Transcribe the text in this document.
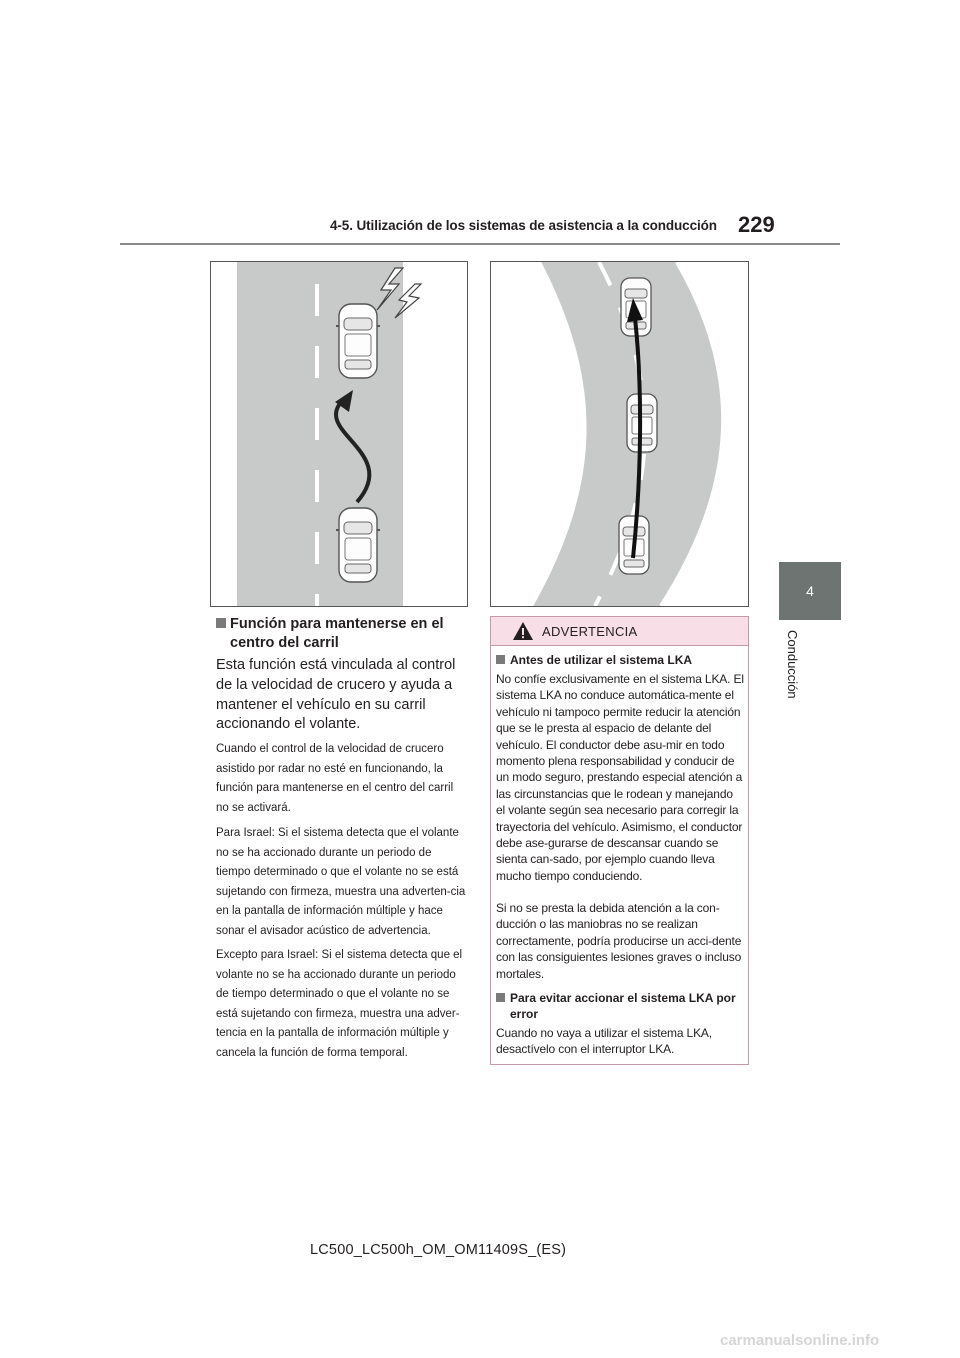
4-5. Utilización de los sistemas de asistencia a la conducción 229
4
Conducción
Función para mantenerse en el centro del carril
Esta función está vinculada al control de la velocidad de crucero y ayuda a mantener el vehículo en su carril accionando el volante.
Cuando el control de la velocidad de crucero asistido por radar no esté en funcionando, la función para mantenerse en el centro del carril no se activará.
Para Israel: Si el sistema detecta que el volante no se ha accionado durante un periodo de tiempo determinado o que el volante no se está sujetando con firmeza, muestra una adverten-cia en la pantalla de información múltiple y hace sonar el avisador acústico de advertencia.
Excepto para Israel: Si el sistema detecta que el volante no se ha accionado durante un periodo de tiempo determinado o que el volante no se está sujetando con firmeza, muestra una adver-tencia en la pantalla de información múltiple y cancela la función de forma temporal.
ADVERTENCIA
Antes de utilizar el sistema LKA
No confíe exclusivamente en el sistema LKA. El sistema LKA no conduce automática-mente el vehículo ni tampoco permite reducir la atención que se le presta al espacio de delante del vehículo. El conductor debe asu-mir en todo momento plena responsabilidad y conducir de un modo seguro, prestando especial atención a las circunstancias que le rodean y manejando el volante según sea necesario para corregir la trayectoria del vehículo. Asimismo, el conductor debe ase-gurarse de descansar cuando se sienta can-sado, por ejemplo cuando lleva mucho tiempo conduciendo.
Si no se presta la debida atención a la con-ducción o las maniobras no se realizan correctamente, podría producirse un acci-dente con las consiguientes lesiones graves o incluso mortales.
Para evitar accionar el sistema LKA por error
Cuando no vaya a utilizar el sistema LKA, desactívelo con el interruptor LKA.
LC500_LC500h_OM_OM11409S_(ES)
carmanualsonline.info
